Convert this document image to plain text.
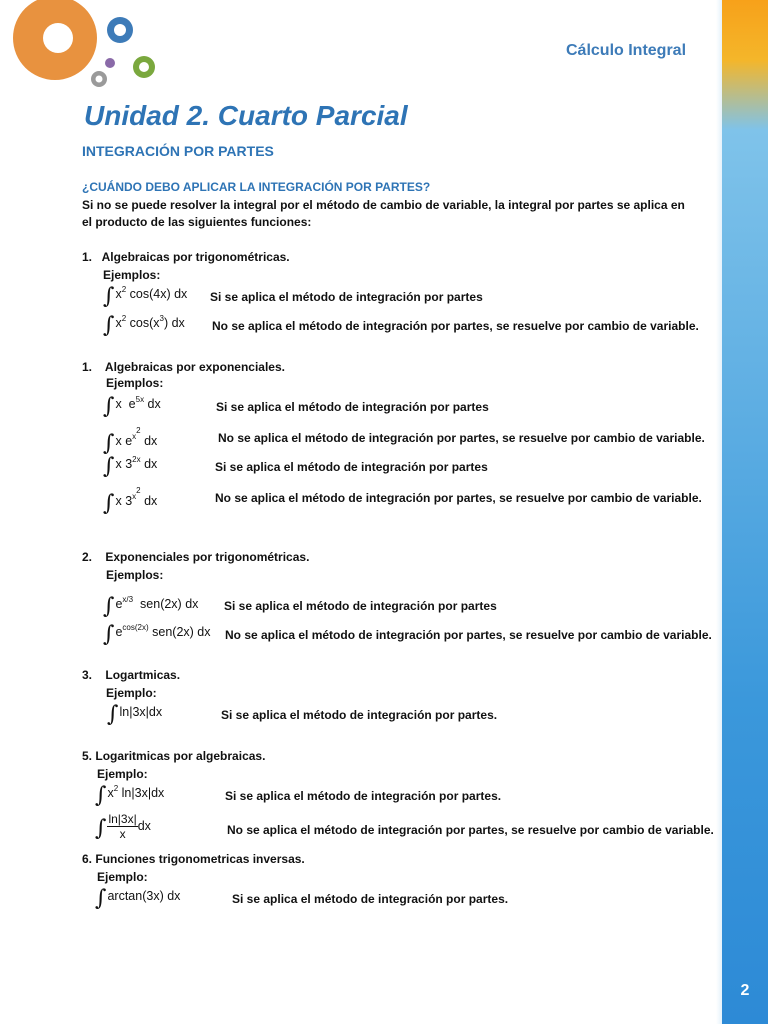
Cálculo Integral
2
Unidad 2. Cuarto Parcial
INTEGRACIÓN POR PARTES
¿CUÁNDO DEBO APLICAR LA INTEGRACIÓN POR PARTES?
Si no se puede resolver la integral por el método de cambio de variable, la integral por partes se aplica en el producto de las siguientes funciones:
1. Algebraicas por trigonométricas.
Ejemplos:
$\int x^2$ cos(4x) dx Si se aplica el método de integración por partes
$\int x^2$ $\cos(x^3)$ dx No se aplica el método de integración por partes, se resuelve por cambio de variable.
1. Algebraicas por exponenciales.
Ejemplos:
∫x  $e^{5x}$ dx	Si se aplica el método de integración por partes
∫x $e^{x^2}$ dx	No se aplica el método de integración por partes, se resuelve por cambio de variable.
∫x $3^{2x}$ dx	Si se aplica el método de integración por partes
∫x $3^{x^2}$ dx	No se aplica el método de integración por partes, se resuelve por cambio de variable.
2. Exponenciales por trigonométricas.
Ejemplos:
$\int e^{x/3}$  sen(2x) dx Si se aplica el método de integración por partes
$\int e^{cos(2x)}$ sen(2x) dx No se aplica el método de integración por partes, se resuelve por cambio de variable.
3. Logartmicas.
Ejemplo:
∫ln|3x|dx	Si se aplica el método de integración por partes.
5. Logaritmicas por algebraicas.
Ejemplo:
$\int x^2$ ln|3x|dx	Si se aplica el método de integración por partes.
∫ $\frac{\ln|3x|}{x}$ dx	No se aplica el método de integración por partes, se resuelve por cambio de variable.
6. Funciones trigonometricas inversas.
Ejemplo:
∫arctan(3x) dx	Si se aplica el método de integración por partes.
